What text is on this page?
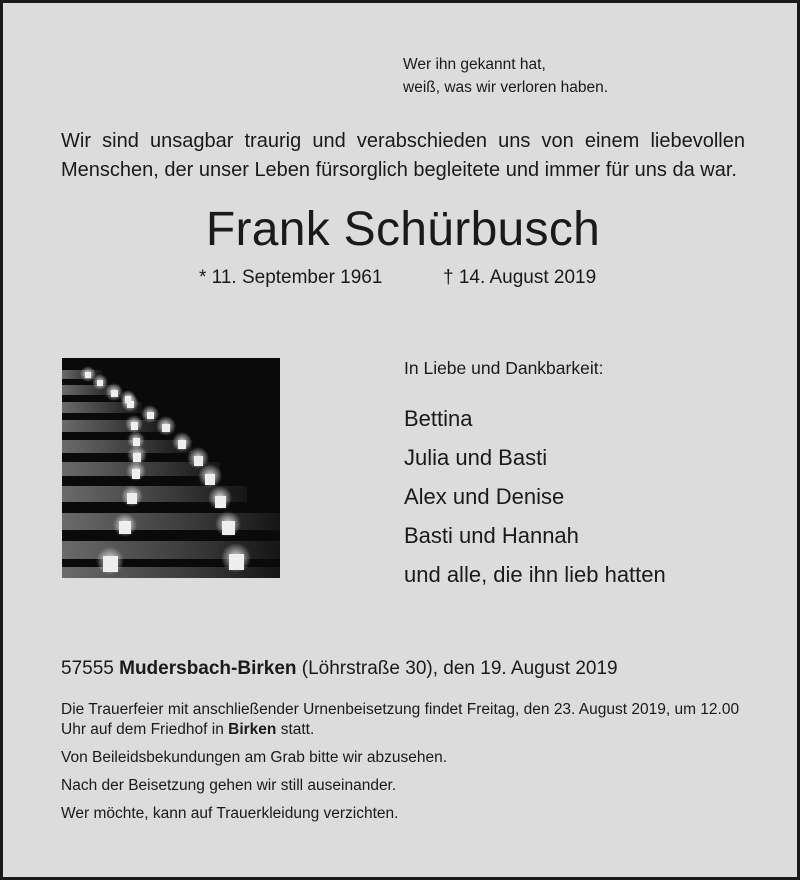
Wer ihn gekannt hat,
weiß, was wir verloren haben.
Wir sind unsagbar traurig und verabschieden uns von einem liebevollen Menschen, der unser Leben fürsorglich begleitete und immer für uns da war.
Frank Schürbusch
* 11. September 1961	† 14. August 2019
In Liebe und Dankbarkeit:
Bettina
Julia und Basti
Alex und Denise
Basti und Hannah
und alle, die ihn lieb hatten
57555 Mudersbach-Birken (Löhrstraße 30), den 19. August 2019

Die Trauerfeier mit anschließender Urnenbeisetzung findet Freitag, den 23. August 2019, um 12.00 Uhr auf dem Friedhof in Birken statt.

Von Beileidsbekundungen am Grab bitte wir abzusehen.

Nach der Beisetzung gehen wir still auseinander.

Wer möchte, kann auf Trauerkleidung verzichten.
